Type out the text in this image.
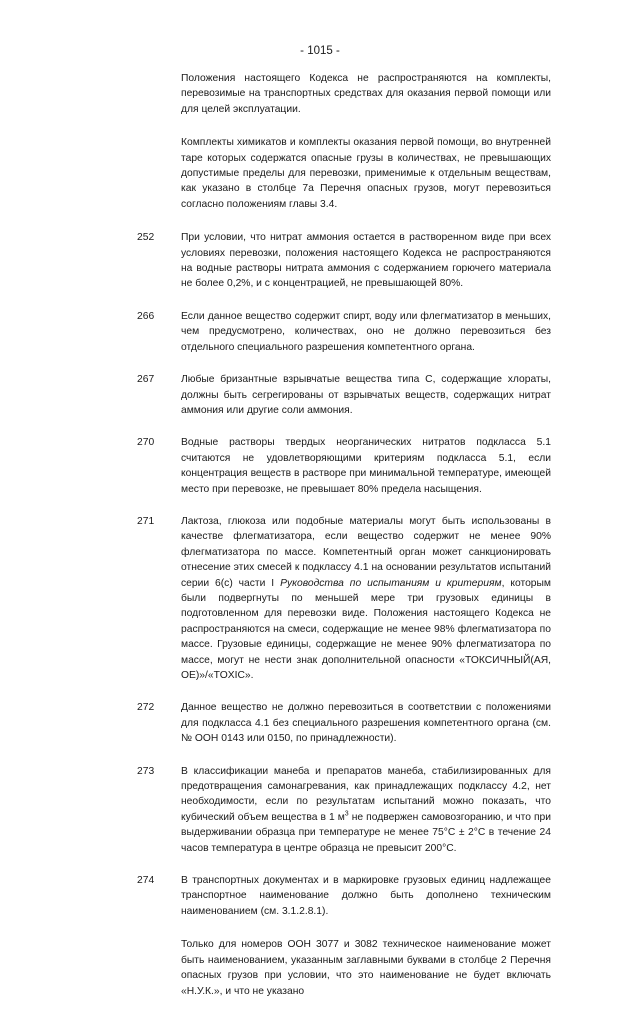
- 1015 -

Положения настоящего Кодекса не распространяются на комплекты, перевозимые на транспортных средствах для оказания первой помощи или для целей эксплуатации.

Комплекты химикатов и комплекты оказания первой помощи, во внутренней таре которых содержатся опасные грузы в количествах, не превышающих допустимые пределы для перевозки, применимые к отдельным веществам, как указано в столбце 7а Перечня опасных грузов, могут перевозиться согласно положениям главы 3.4.

252	При условии, что нитрат аммония остается в растворенном виде при всех условиях перевозки, положения настоящего Кодекса не распространяются на водные растворы нитрата аммония с содержанием горючего материала не более 0,2%, и с концентрацией, не превышающей 80%.

266	Если данное вещество содержит спирт, воду или флегматизатор в меньших, чем предусмотрено, количествах, оно не должно перевозиться без отдельного специального разрешения компетентного органа.

267	Любые бризантные взрывчатые вещества типа С, содержащие хлораты, должны быть сегрегированы от взрывчатых веществ, содержащих нитрат аммония или другие соли аммония.

270	Водные растворы твердых неорганических нитратов подкласса 5.1 считаются не удовлетворяющими критериям подкласса 5.1, если концентрация веществ в растворе при минимальной температуре, имеющей место при перевозке, не превышает 80% предела насыщения.

271	Лактоза, глюкоза или подобные материалы могут быть использованы в качестве флегматизатора, если вещество содержит не менее 90% флегматизатора по массе. Компетентный орган может санкционировать отнесение этих смесей к подклассу 4.1 на основании результатов испытаний серии 6(с) части I Руководства по испытаниям и критериям, которым были подвергнуты по меньшей мере три грузовых единицы в подготовленном для перевозки виде. Положения настоящего Кодекса не распространяются на смеси, содержащие не менее 98% флегматизатора по массе. Грузовые единицы, содержащие не менее 90% флегматизатора по массе, могут не нести знак дополнительной опасности «ТОКСИЧНЫЙ(АЯ, ОЕ)»/«TOXIC».

272	Данное вещество не должно перевозиться в соответствии с положениями для подкласса 4.1 без специального разрешения компетентного органа (см. № ООН 0143 или 0150, по принадлежности).

273	В классификации манеба и препаратов манеба, стабилизированных для предотвращения самонагревания, как принадлежащих подклассу 4.2, нет необходимости, если по результатам испытаний можно показать, что кубический объем вещества в 1 $м^3$ не подвержен самовозгоранию, и что при выдерживании образца при температуре не менее 75°С ± 2°С в течение 24 часов температура в центре образца не превысит 200°С.

274	В транспортных документах и в маркировке грузовых единиц надлежащее транспортное наименование должно быть дополнено техническим наименованием (см. 3.1.2.8.1).

Только для номеров ООН 3077 и 3082 техническое наименование может быть наименованием, указанным заглавными буквами в столбце 2 Перечня опасных грузов при условии, что это наименование не будет включать «Н.У.К.», и что не указано
